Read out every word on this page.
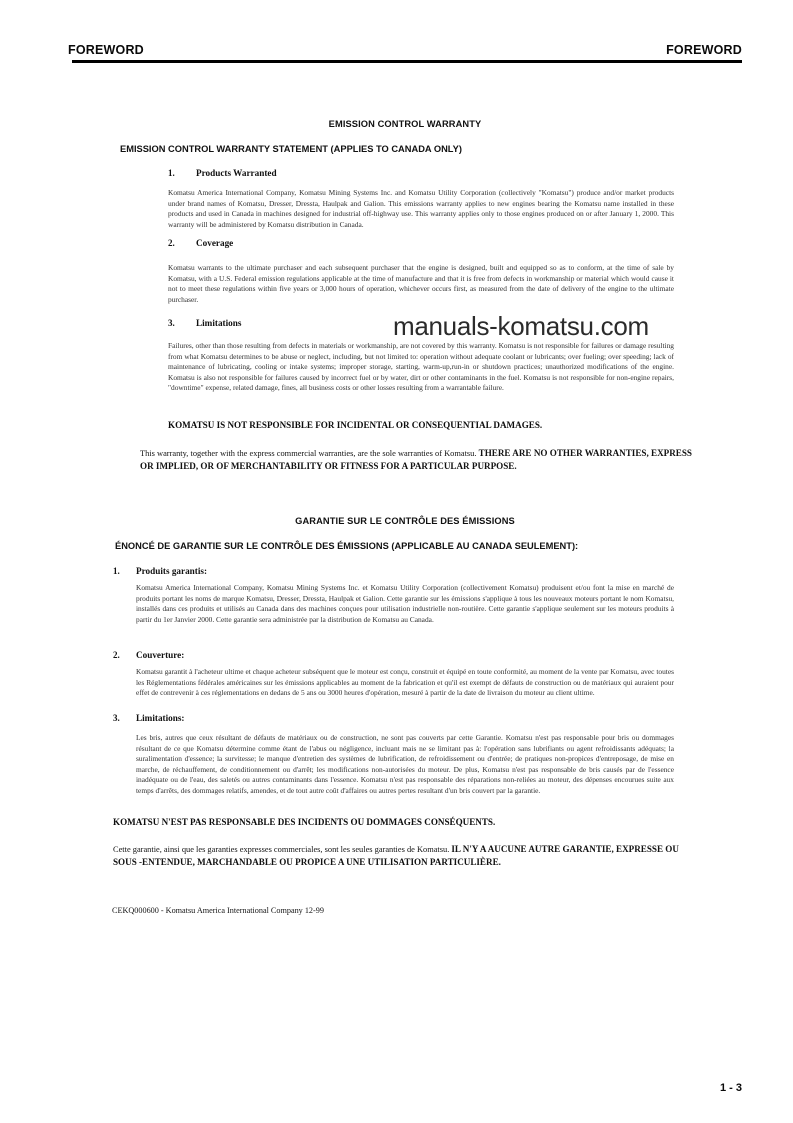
FOREWORD	FOREWORD
EMISSION CONTROL WARRANTY
EMISSION CONTROL WARRANTY STATEMENT (APPLIES TO CANADA ONLY)
1. Products Warranted
Komatsu America International Company, Komatsu Mining Systems Inc. and Komatsu Utility Corporation (collectively "Komatsu") produce and/or market products under brand names of Komatsu, Dresser, Dressta, Haulpak and Galion. This emissions warranty applies to new engines bearing the Komatsu name installed in these products and used in Canada in machines designed for industrial off-highway use. This warranty applies only to those engines produced on or after January 1, 2000. This warranty will be administered by Komatsu distribution in Canada.
2. Coverage
Komatsu warrants to the ultimate purchaser and each subsequent purchaser that the engine is designed, built and equipped so as to conform, at the time of sale by Komatsu, with a U.S. Federal emission regulations applicable at the time of manufacture and that it is free from defects in workmanship or material which would cause it not to meet these regulations within five years or 3,000 hours of operation, whichever occurs first, as measured from the date of delivery of the engine to the ultimate purchaser.
3. Limitations
Failures, other than those resulting from defects in materials or workmanship, are not covered by this warranty. Komatsu is not responsible for failures or damage resulting from what Komatsu determines to be abuse or neglect, including, but not limited to: operation without adequate coolant or lubricants; over fueling; over speeding; lack of maintenance of lubricating, cooling or intake systems; improper storage, starting, warm-up,run-in or shutdown practices; unauthorized modifications of the engine. Komatsu is also not responsible for failures caused by incorrect fuel or by water, dirt or other contaminants in the fuel. Komatsu is not responsible for non-engine repairs, "downtime" expense, related damage, fines, all business costs or other losses resulting from a warrantable failure.
manuals-komatsu.com
KOMATSU IS NOT RESPONSIBLE FOR INCIDENTAL OR CONSEQUENTIAL DAMAGES.
This warranty, together with the express commercial warranties, are the sole warranties of Komatsu. THERE ARE NO OTHER WARRANTIES, EXPRESS OR IMPLIED, OR OF MERCHANTABILITY OR FITNESS FOR A PARTICULAR PURPOSE.
GARANTIE SUR LE CONTRÔLE DES ÉMISSIONS
ÉNONCÉ DE GARANTIE SUR LE CONTRÔLE DES ÉMISSIONS (APPLICABLE AU CANADA SEULEMENT):
1. Produits garantis:
Komatsu America International Company, Komatsu Mining Systems Inc. et Komatsu Utility Corporation (collectivement Komatsu) produisent et/ou font la mise en marché de produits portant les noms de marque Komatsu, Dresser, Dressta, Haulpak et Galion. Cette garantie sur les émissions s'applique à tous les nouveaux moteurs portant le nom Komatsu, installés dans ces produits et utilisés au Canada dans des machines conçues pour utilisation industrielle non-routière. Cette garantie s'applique seulement sur les moteurs produits à partir du 1er Janvier 2000. Cette garantie sera administrée par la distribution de Komatsu au Canada.
2. Couverture:
Komatsu garantit à l'acheteur ultime et chaque acheteur subséquent que le moteur est conçu, construit et équipé en toute conformité, au moment de la vente par Komatsu, avec toutes les Réglementations fédérales américaines sur les émissions applicables au moment de la fabrication et qu'il est exempt de défauts de construction ou de matériaux qui auraient pour effet de contrevenir à ces réglementations en dedans de 5 ans ou 3000 heures d'opération, mesuré à partir de la date de livraison du moteur au client ultime.
3. Limitations:
Les bris, autres que ceux résultant de défauts de matériaux ou de construction, ne sont pas couverts par cette Garantie. Komatsu n'est pas responsable pour bris ou dommages résultant de ce que Komatsu détermine comme étant de l'abus ou négligence, incluant mais ne se limitant pas à: l'opération sans lubrifiants ou agent refroidissants adéquats; la suralimentation d'essence; la survitesse; le manque d'entretien des systèmes de lubrification, de refroidissement ou d'entrée; de pratiques non-propices d'entreposage, de mise en marche, de réchauffement, de conditionnement ou d'arrêt; les modifications non-autorisées du moteur. De plus, Komatsu n'est pas responsable de bris causés par de l'essence inadéquate ou de l'eau, des saletés ou autres contaminants dans l'essence. Komatsu n'est pas responsable des réparations non-reliées au moteur, des dépenses encourues suite aux temps d'arrêts, des dommages relatifs, amendes, et de tout autre coût d'affaires ou autres pertes resultant d'un bris couvert par la garantie.
KOMATSU N'EST PAS RESPONSABLE DES INCIDENTS OU DOMMAGES CONSÉQUENTS.
Cette garantie, ainsi que les garanties expresses commerciales, sont les seules garanties de Komatsu. IL N'Y A AUCUNE AUTRE GARANTIE, EXPRESSE OU SOUS -ENTENDUE, MARCHANDABLE OU PROPICE A UNE UTILISATION PARTICULIÈRE.
CEKQ000600 - Komatsu America International Company 12-99
1 - 3
